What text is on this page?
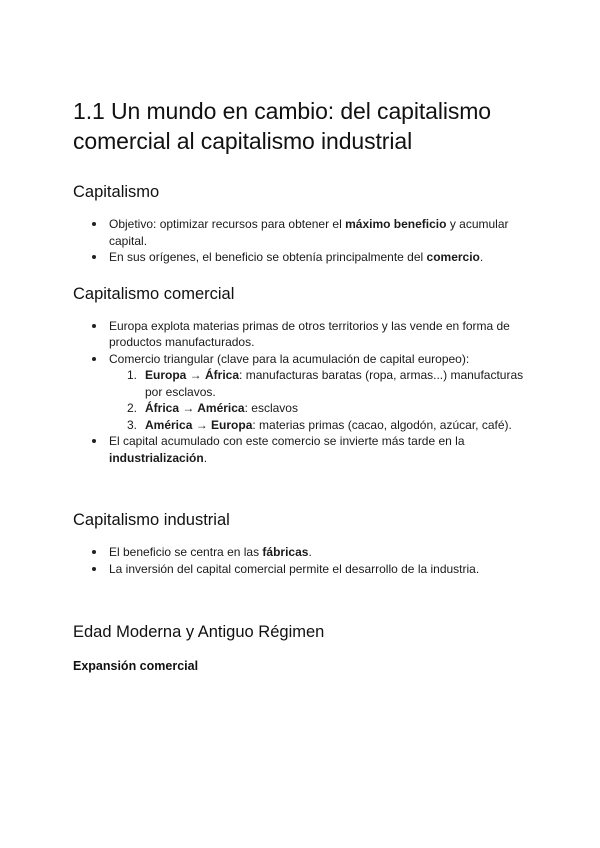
1.1 Un mundo en cambio: del capitalismo comercial al capitalismo industrial
Capitalismo
Objetivo: optimizar recursos para obtener el máximo beneficio y acumular capital.
En sus orígenes, el beneficio se obtenía principalmente del comercio.
Capitalismo comercial
Europa explota materias primas de otros territorios y las vende en forma de productos manufacturados.
Comercio triangular (clave para la acumulación de capital europeo):
1. Europa → África: manufacturas baratas (ropa, armas...) manufacturas por esclavos.
2. África → América: esclavos
3. América → Europa: materias primas (cacao, algodón, azúcar, café).
El capital acumulado con este comercio se invierte más tarde en la industrialización.
Capitalismo industrial
El beneficio se centra en las fábricas.
La inversión del capital comercial permite el desarrollo de la industria.
Edad Moderna y Antiguo Régimen
Expansión comercial
